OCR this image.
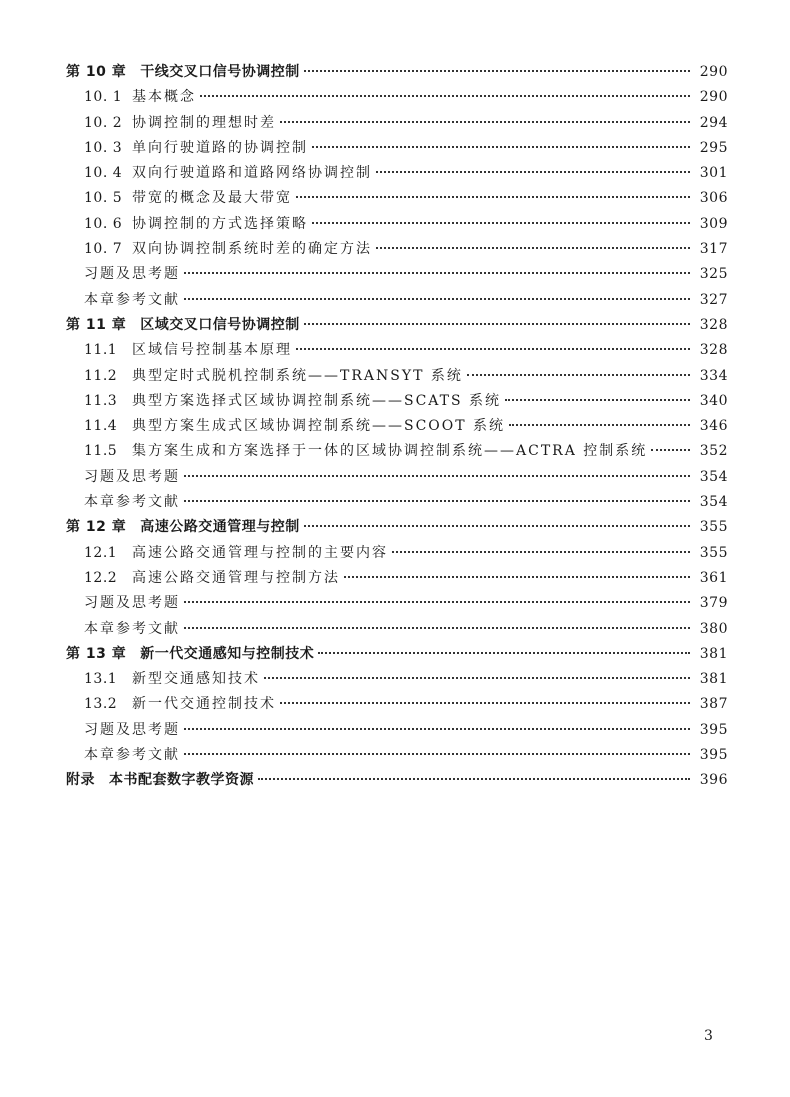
第 10 章 干线交叉口信号协调控制	290
10. 1 基本概念	290
10. 2 协调控制的理想时差	294
10. 3 单向行驶道路的协调控制	295
10. 4 双向行驶道路和道路网络协调控制	301
10. 5 带宽的概念及最大带宽	306
10. 6 协调控制的方式选择策略	309
10. 7 双向协调控制系统时差的确定方法	317
习题及思考题	325
本章参考文献	327
第 11 章 区域交叉口信号协调控制	328
11.1	区域信号控制基本原理	328
11.2	典型定时式脱机控制系统——TRANSYT 系统	334
11.3	典型方案选择式区域协调控制系统——SCATS 系统	340
11.4	典型方案生成式区域协调控制系统——SCOOT 系统	346
11.5	集方案生成和方案选择于一体的区域协调控制系统——ACTRA 控制系统	352
习题及思考题	354
本章参考文献	354
第 12 章 高速公路交通管理与控制	355
12.1	高速公路交通管理与控制的主要内容	355
12.2	高速公路交通管理与控制方法	361
习题及思考题	379
本章参考文献	380
第 13 章 新一代交通感知与控制技术	381
13.1	新型交通感知技术	381
13.2	新一代交通控制技术	387
习题及思考题	395
本章参考文献	395
附录 本书配套数字教学资源	396
3
